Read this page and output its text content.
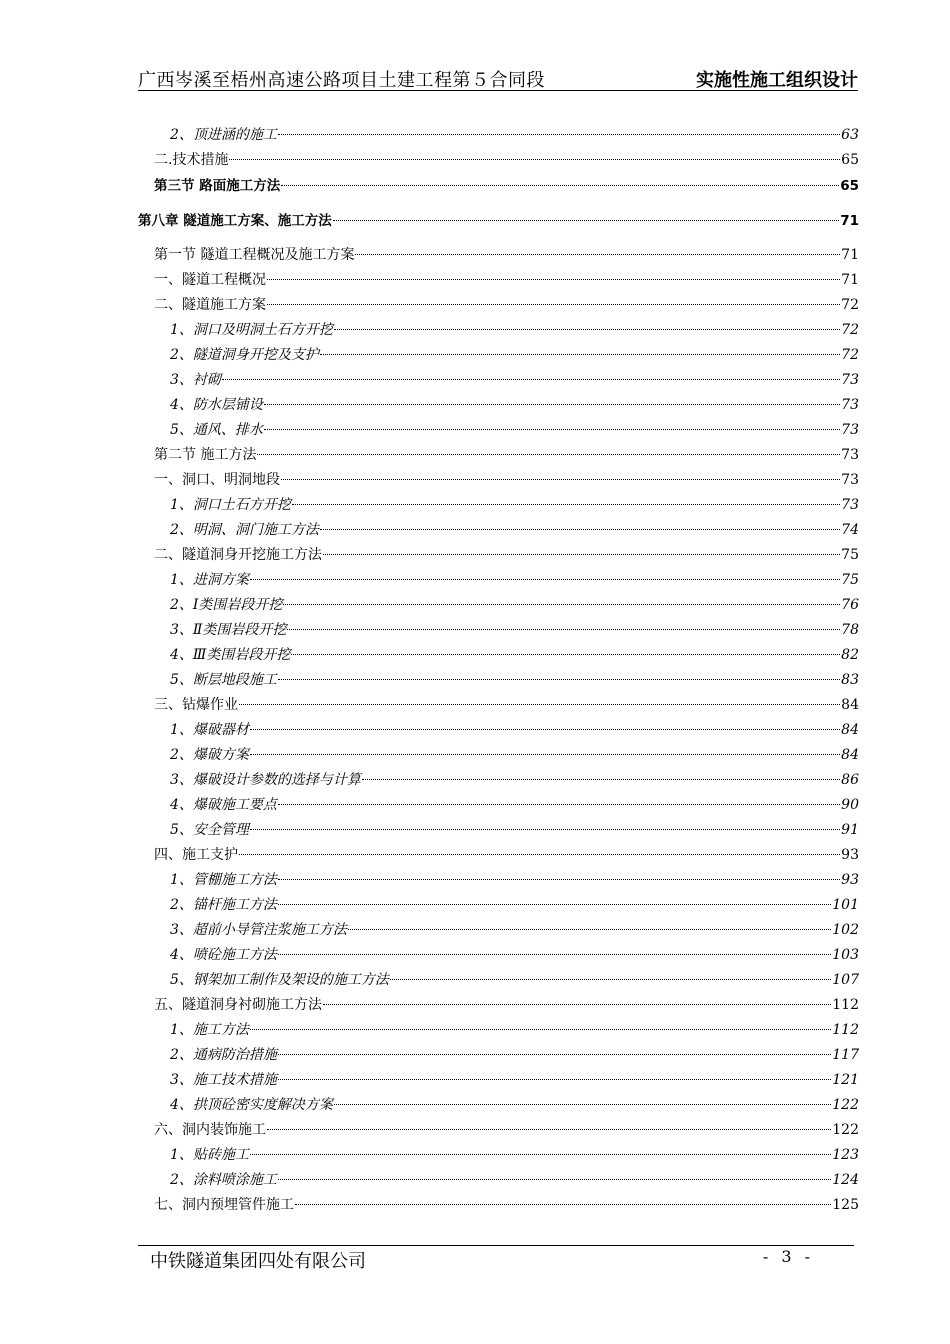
广西岑溪至梧州高速公路项目土建工程第５合同段	实施性施工组织设计
2、顶进涵的施工	63
二.技术措施	65
第三节 路面施工方法	65
第八章 隧道施工方案、施工方法	71
第一节 隧道工程概况及施工方案	71
一、隧道工程概况	71
二、隧道施工方案	72
1、洞口及明洞土石方开挖	72
2、隧道洞身开挖及支护	72
3、衬砌	73
4、防水层铺设	73
5、通风、排水	73
第二节 施工方法	73
一、洞口、明洞地段	73
1、洞口土石方开挖	73
2、明洞、洞门施工方法	74
二、隧道洞身开挖施工方法	75
1、进洞方案	75
2、Ⅰ类围岩段开挖	76
3、Ⅱ类围岩段开挖	78
4、Ⅲ类围岩段开挖	82
5、断层地段施工	83
三、钻爆作业	84
1、爆破器材	84
2、爆破方案	84
3、爆破设计参数的选择与计算	86
4、爆破施工要点	90
5、安全管理	91
四、施工支护	93
1、管棚施工方法	93
2、锚杆施工方法	101
3、超前小导管注浆施工方法	102
4、喷砼施工方法	103
5、钢架加工制作及架设的施工方法	107
五、隧道洞身衬砌施工方法	112
1、施工方法	112
2、通病防治措施	117
3、施工技术措施	121
4、拱顶砼密实度解决方案	122
六、洞内装饰施工	122
1、贴砖施工	123
2、涂料喷涂施工	124
七、洞内预埋管件施工	125
中铁隧道集团四处有限公司	- 3 -
